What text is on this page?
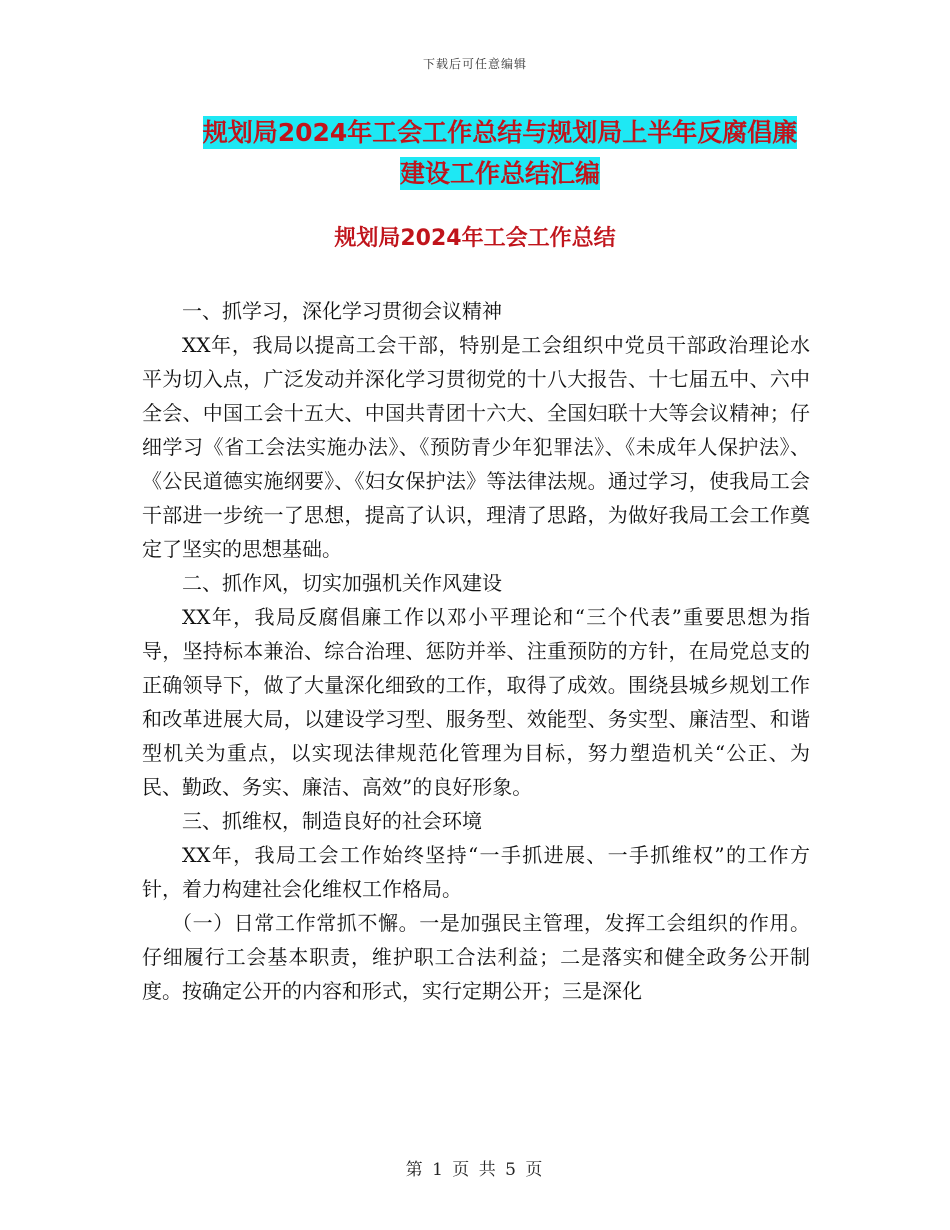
下载后可任意编辑
规划局2024年工会工作总结与规划局上半年反腐倡廉
建设工作总结汇编
规划局2024年工会工作总结

一、抓学习，深化学习贯彻会议精神

XX年，我局以提高工会干部，特别是工会组织中党员干部政治理论水平为切入点，广泛发动并深化学习贯彻党的十八大报告、十七届五中、六中全会、中国工会十五大、中国共青团十六大、全国妇联十大等会议精神；仔细学习《省工会法实施办法》、《预防青少年犯罪法》、《未成年人保护法》、《公民道德实施纲要》、《妇女保护法》等法律法规。通过学习，使我局工会干部进一步统一了思想，提高了认识，理清了思路，为做好我局工会工作奠定了坚实的思想基础。

二、抓作风，切实加强机关作风建设

XX年，我局反腐倡廉工作以邓小平理论和“三个代表”重要思想为指导，坚持标本兼治、综合治理、惩防并举、注重预防的方针，在局党总支的正确领导下，做了大量深化细致的工作，取得了成效。围绕县城乡规划工作和改革进展大局，以建设学习型、服务型、效能型、务实型、廉洁型、和谐型机关为重点，以实现法律规范化管理为目标，努力塑造机关“公正、为民、勤政、务实、廉洁、高效”的良好形象。

三、抓维权，制造良好的社会环境

XX年，我局工会工作始终坚持“一手抓进展、一手抓维权”的工作方针，着力构建社会化维权工作格局。

（一）日常工作常抓不懈。一是加强民主管理，发挥工会组织的作用。仔细履行工会基本职责，维护职工合法利益；二是落实和健全政务公开制度。按确定公开的内容和形式，实行定期公开；三是深化

第 1 页 共 5 页
